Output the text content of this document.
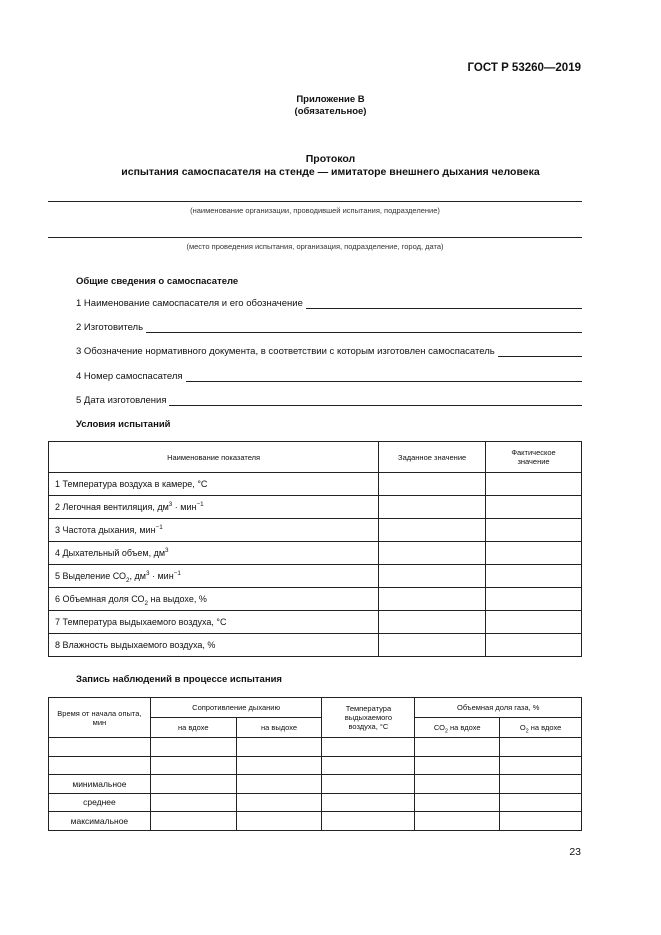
ГОСТ Р 53260—2019
Приложение В
(обязательное)
Протокол
испытания самоспасателя на стенде — имитаторе внешнего дыхания человека
(наименование организации, проводившей испытания, подразделение)
(место проведения испытания, организация, подразделение, город, дата)
Общие сведения о самоспасателе
1 Наименование самоспасателя и его обозначение
2 Изготовитель
3 Обозначение нормативного документа, в соответствии с которым изготовлен самоспасатель
4 Номер самоспасателя
5 Дата изготовления
Условия испытаний
Наименование показателя	Заданное значение	Фактическое значение
1 Температура воздуха в камере, °С		
2 Легочная вентиляция, $дм^3 \cdot мин^{-1}$		
3 Частота дыхания, мин$^{-1}$		
4 Дыхательный объем, $дм^3$		
5 Выделение $СО_2$, $дм^3 \cdot мин^{-1}$		
6 Объемная доля $СО_2$ на выдохе, %		
7 Температура выдыхаемого воздуха, °С		
8 Влажность выдыхаемого воздуха, %		
Запись наблюдений в процессе испытания
Время от начала опыта, мин	Сопротивление дыханию		Температура выдыхаемого воздуха, °С	Объемная доля газа, %	
	на вдохе	на выдохе		$СО_2$ на вдохе	$О_2$ на вдохе

минимальное					
среднее					
максимальное					
23
